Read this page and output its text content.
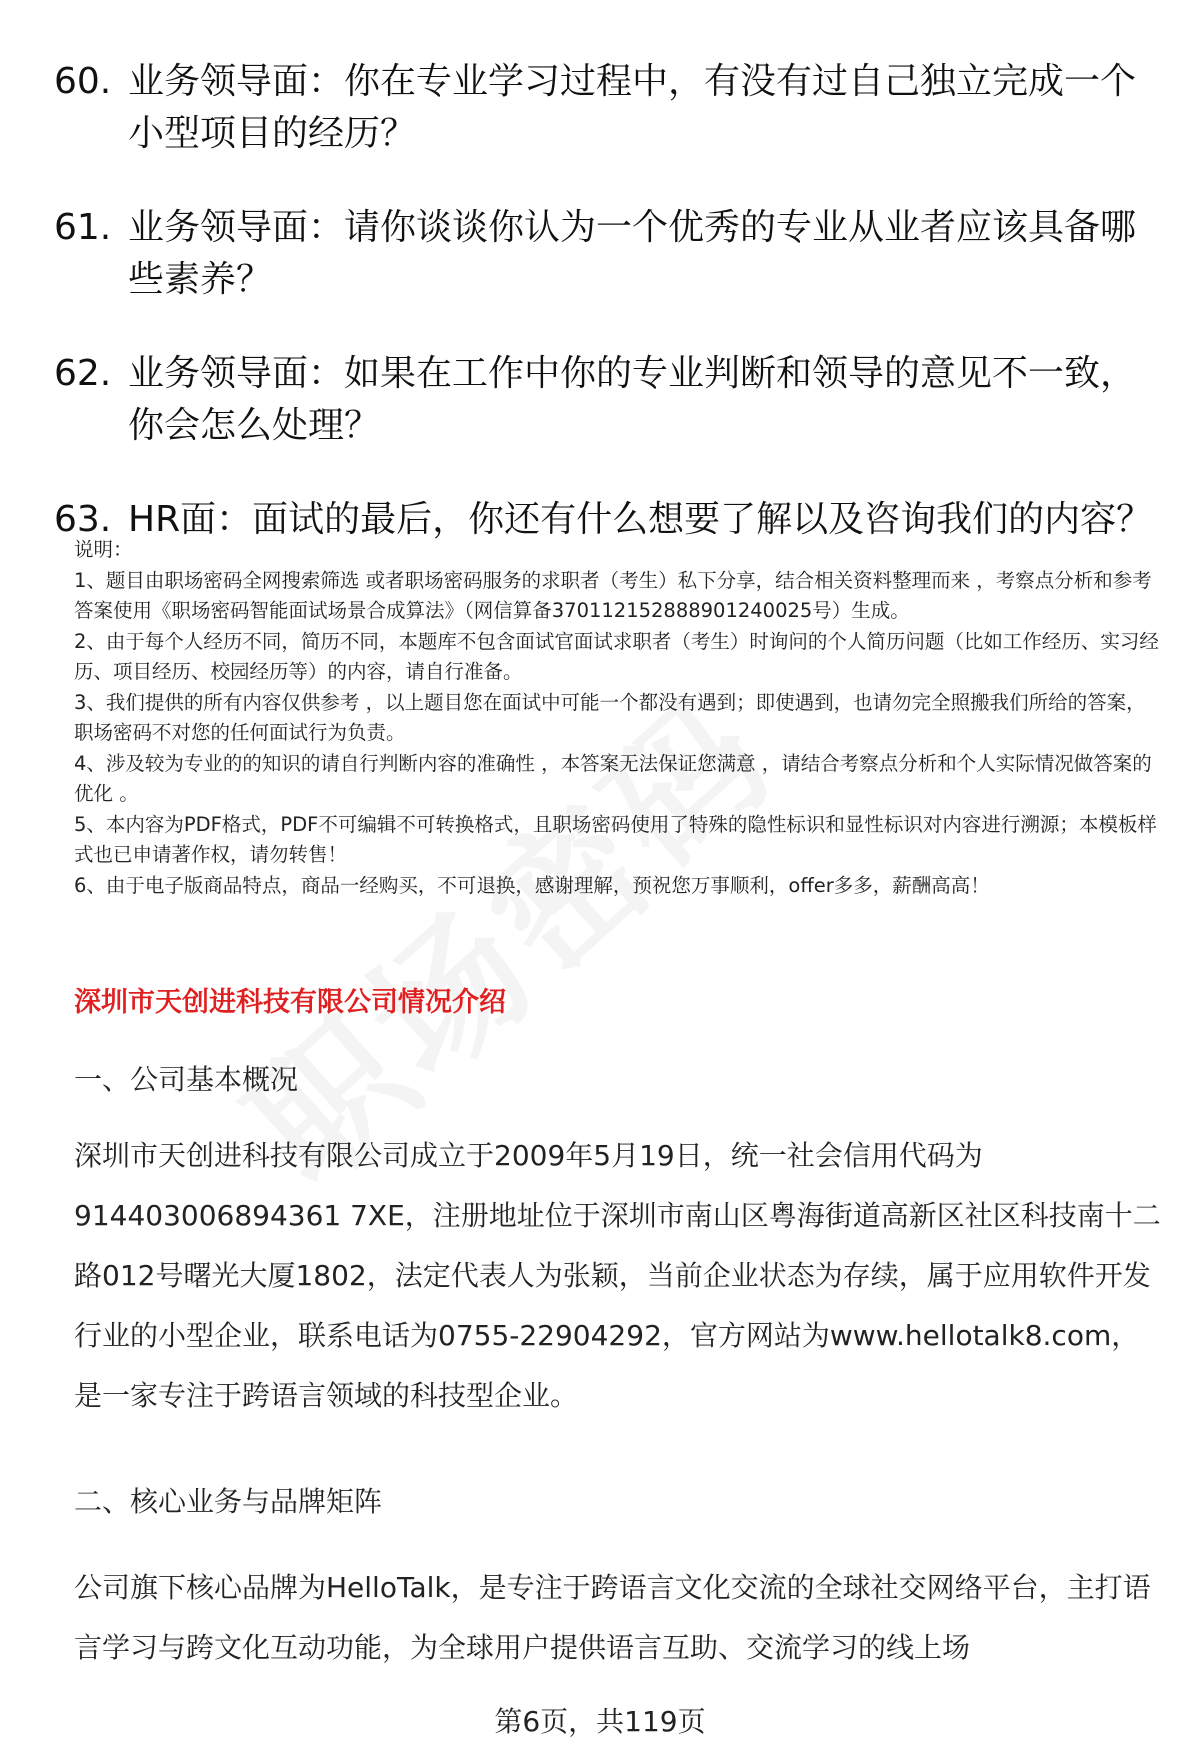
60. 业务领导面：你在专业学习过程中，有没有过自己独立完成一个小型项目的经历？
61. 业务领导面：请你谈谈你认为一个优秀的专业从业者应该具备哪些素养？
62. 业务领导面：如果在工作中你的专业判断和领导的意见不一致，你会怎么处理？
63. HR面：面试的最后，你还有什么想要了解以及咨询我们的内容？

说明：

1、题目由职场密码全网搜索筛选 或者职场密码服务的求职者（考生）私下分享，结合相关资料整理而来 ，考察点分析和参考答案使用《职场密码智能面试场景合成算法》（网信算备370112152888901240025号）生成。

2、由于每个人经历不同，简历不同，本题库不包含面试官面试求职者（考生）时询问的个人简历问题（比如工作经历、实习经历、项目经历、校园经历等）的内容，请自行准备。

3、我们提供的所有内容仅供参考 ，以上题目您在面试中可能一个都没有遇到；即使遇到，也请勿完全照搬我们所给的答案，职场密码不对您的任何面试行为负责。

4、涉及较为专业的的知识的请自行判断内容的准确性 ，本答案无法保证您满意 ，请结合考察点分析和个人实际情况做答案的优化 。

5、本内容为PDF格式，PDF不可编辑不可转换格式，且职场密码使用了特殊的隐性标识和显性标识对内容进行溯源；本模板样式也已申请著作权，请勿转售！

6、由于电子版商品特点，商品一经购买，不可退换，感谢理解，预祝您万事顺利，offer多多，薪酬高高！

深圳市天创进科技有限公司情况介绍
一、公司基本概况

深圳市天创进科技有限公司成立于2009年5月19日，统一社会信用代码为914403006894361 7XE，注册地址位于深圳市南山区粤海街道高新区社区科技南十二路012号曙光大厦1802，法定代表人为张颖，当前企业状态为存续，属于应用软件开发行业的小型企业，联系电话为0755-22904292，官方网站为www.hellotalk8.com，是一家专注于跨语言领域的科技型企业。

二、核心业务与品牌矩阵

公司旗下核心品牌为HelloTalk，是专注于跨语言文化交流的全球社交网络平台，主打语言学习与跨文化互动功能，为全球用户提供语言互助、交流学习的线上场

第6页，共119页
